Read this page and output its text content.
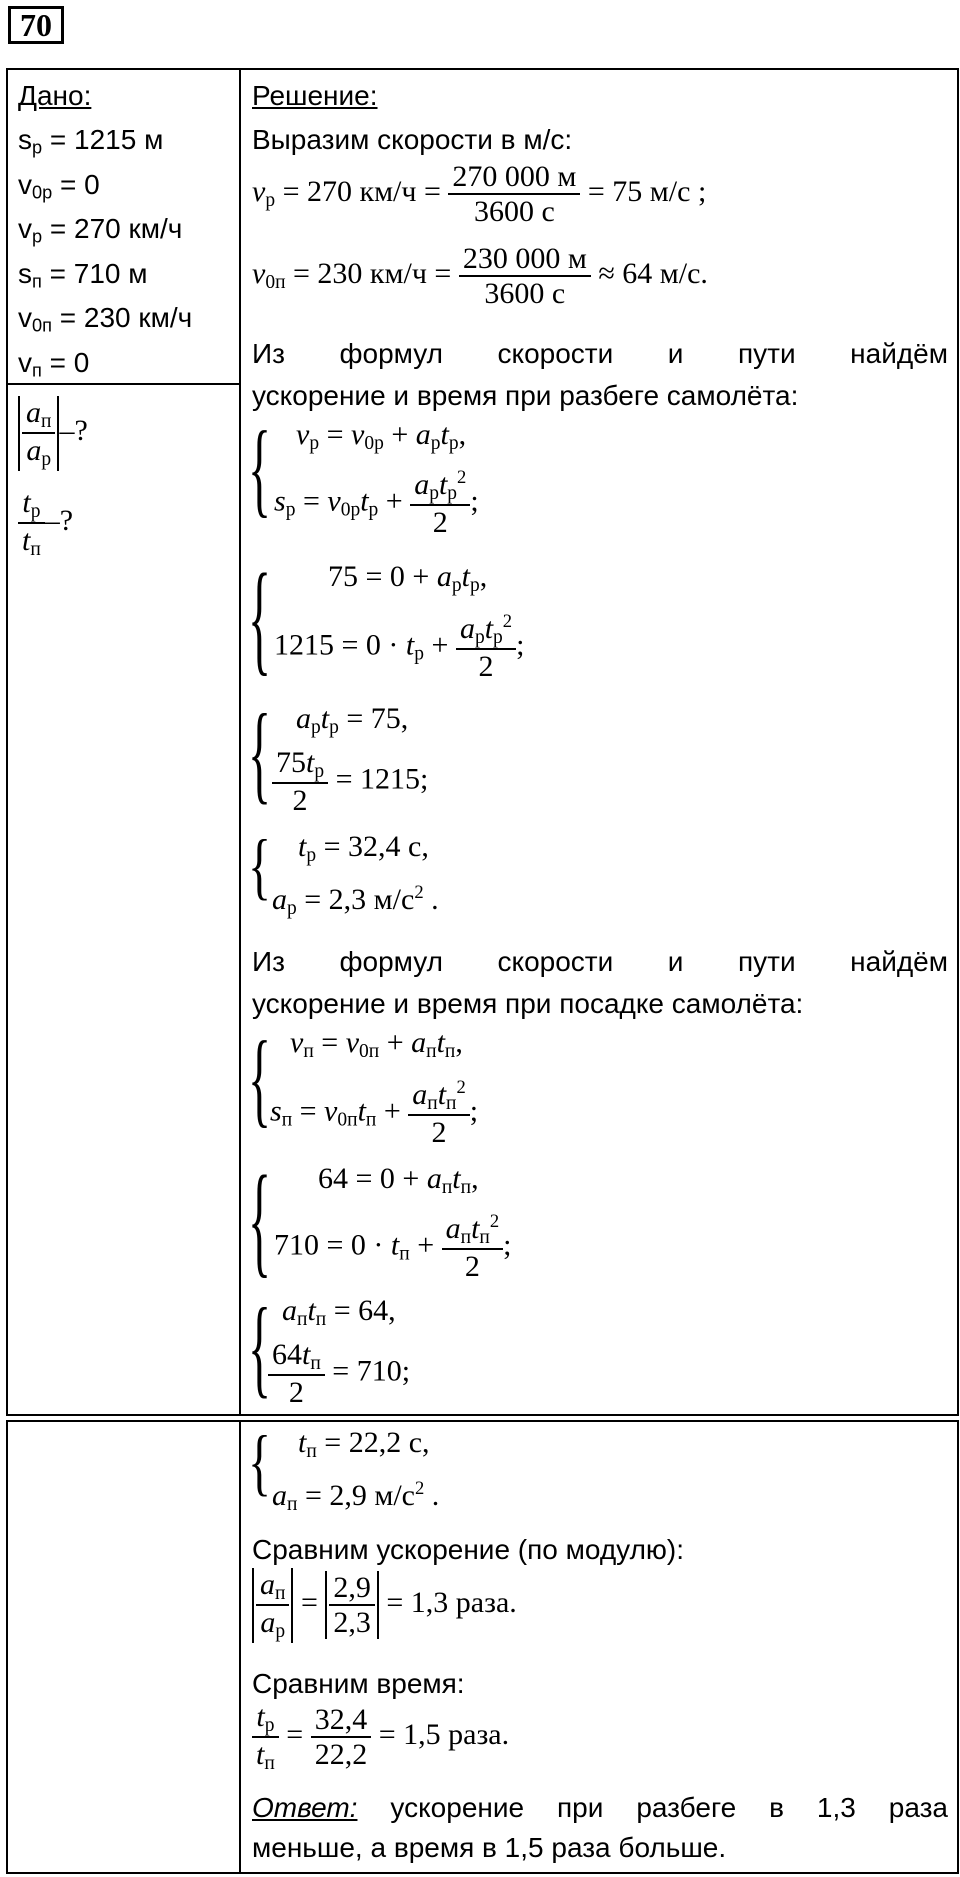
70
Дано:
$s_р = 1215$ м
$v_{0р} = 0$
$v_р = 270$ км/ч
$s_п = 710$ м
$v_{0п} = 230$ км/ч
$v_п = 0$
$\frac{a_п}{a_р}$ –?
$\frac{t_р}{t_п}$ –?
Решение:
Выразим скорости в м/с:
$v_р = 270$ $км/ч = \frac{270 000 м}{3600 с} = 75$ м/с ;
$v_{0п} = 230$ $км/ч = \frac{230 000 м}{3600 с} \approx 64$ м/с.
Из формул скорости и пути найдём
ускорение и время при разбеге самолёта:
{ $v_р = v_{0р} + a_рt_р$,
$s_р = v_{0р}t_р + \frac{a_рt_р^2}{2}$ ;
{ $75 = 0 + a_рt_р$,
$1215 = 0 \cdot t_р + \frac{a_рt_р^2}{2}$ ;
{ $a_рt_р = 75$,
$\frac{75t_р}{2} = 1215$;
{ $t_р = 32,4$ с,
$a_р = 2,3$ $м/с^2$ .
Из формул скорости и пути найдём
ускорение и время при посадке самолёта:
{ $v_п = v_{0п} + a_пt_п$,
$s_п = v_{0п}t_п + \frac{a_пt_п^2}{2}$ ;
{ $64 = 0 + a_пt_п$,
$710 = 0 \cdot t_п + \frac{a_пt_п^2}{2}$ ;
{ $a_пt_п = 64$,
$\frac{64t_п}{2} = 710$;
{ $t_п = 22,2$ с,
$a_п = 2,9$ $м/с^2$ .
Сравним ускорение (по модулю):
$\frac{a_п}{a_р} = \frac{2,9}{2,3} = 1,3$ раза.
Сравним время:
$\frac{t_р}{t_п} = \frac{32,4}{22,2} = 1,5$ раза.
Ответ: ускорение при разбеге в 1,3 раза
меньше, а время в 1,5 раза больше.
